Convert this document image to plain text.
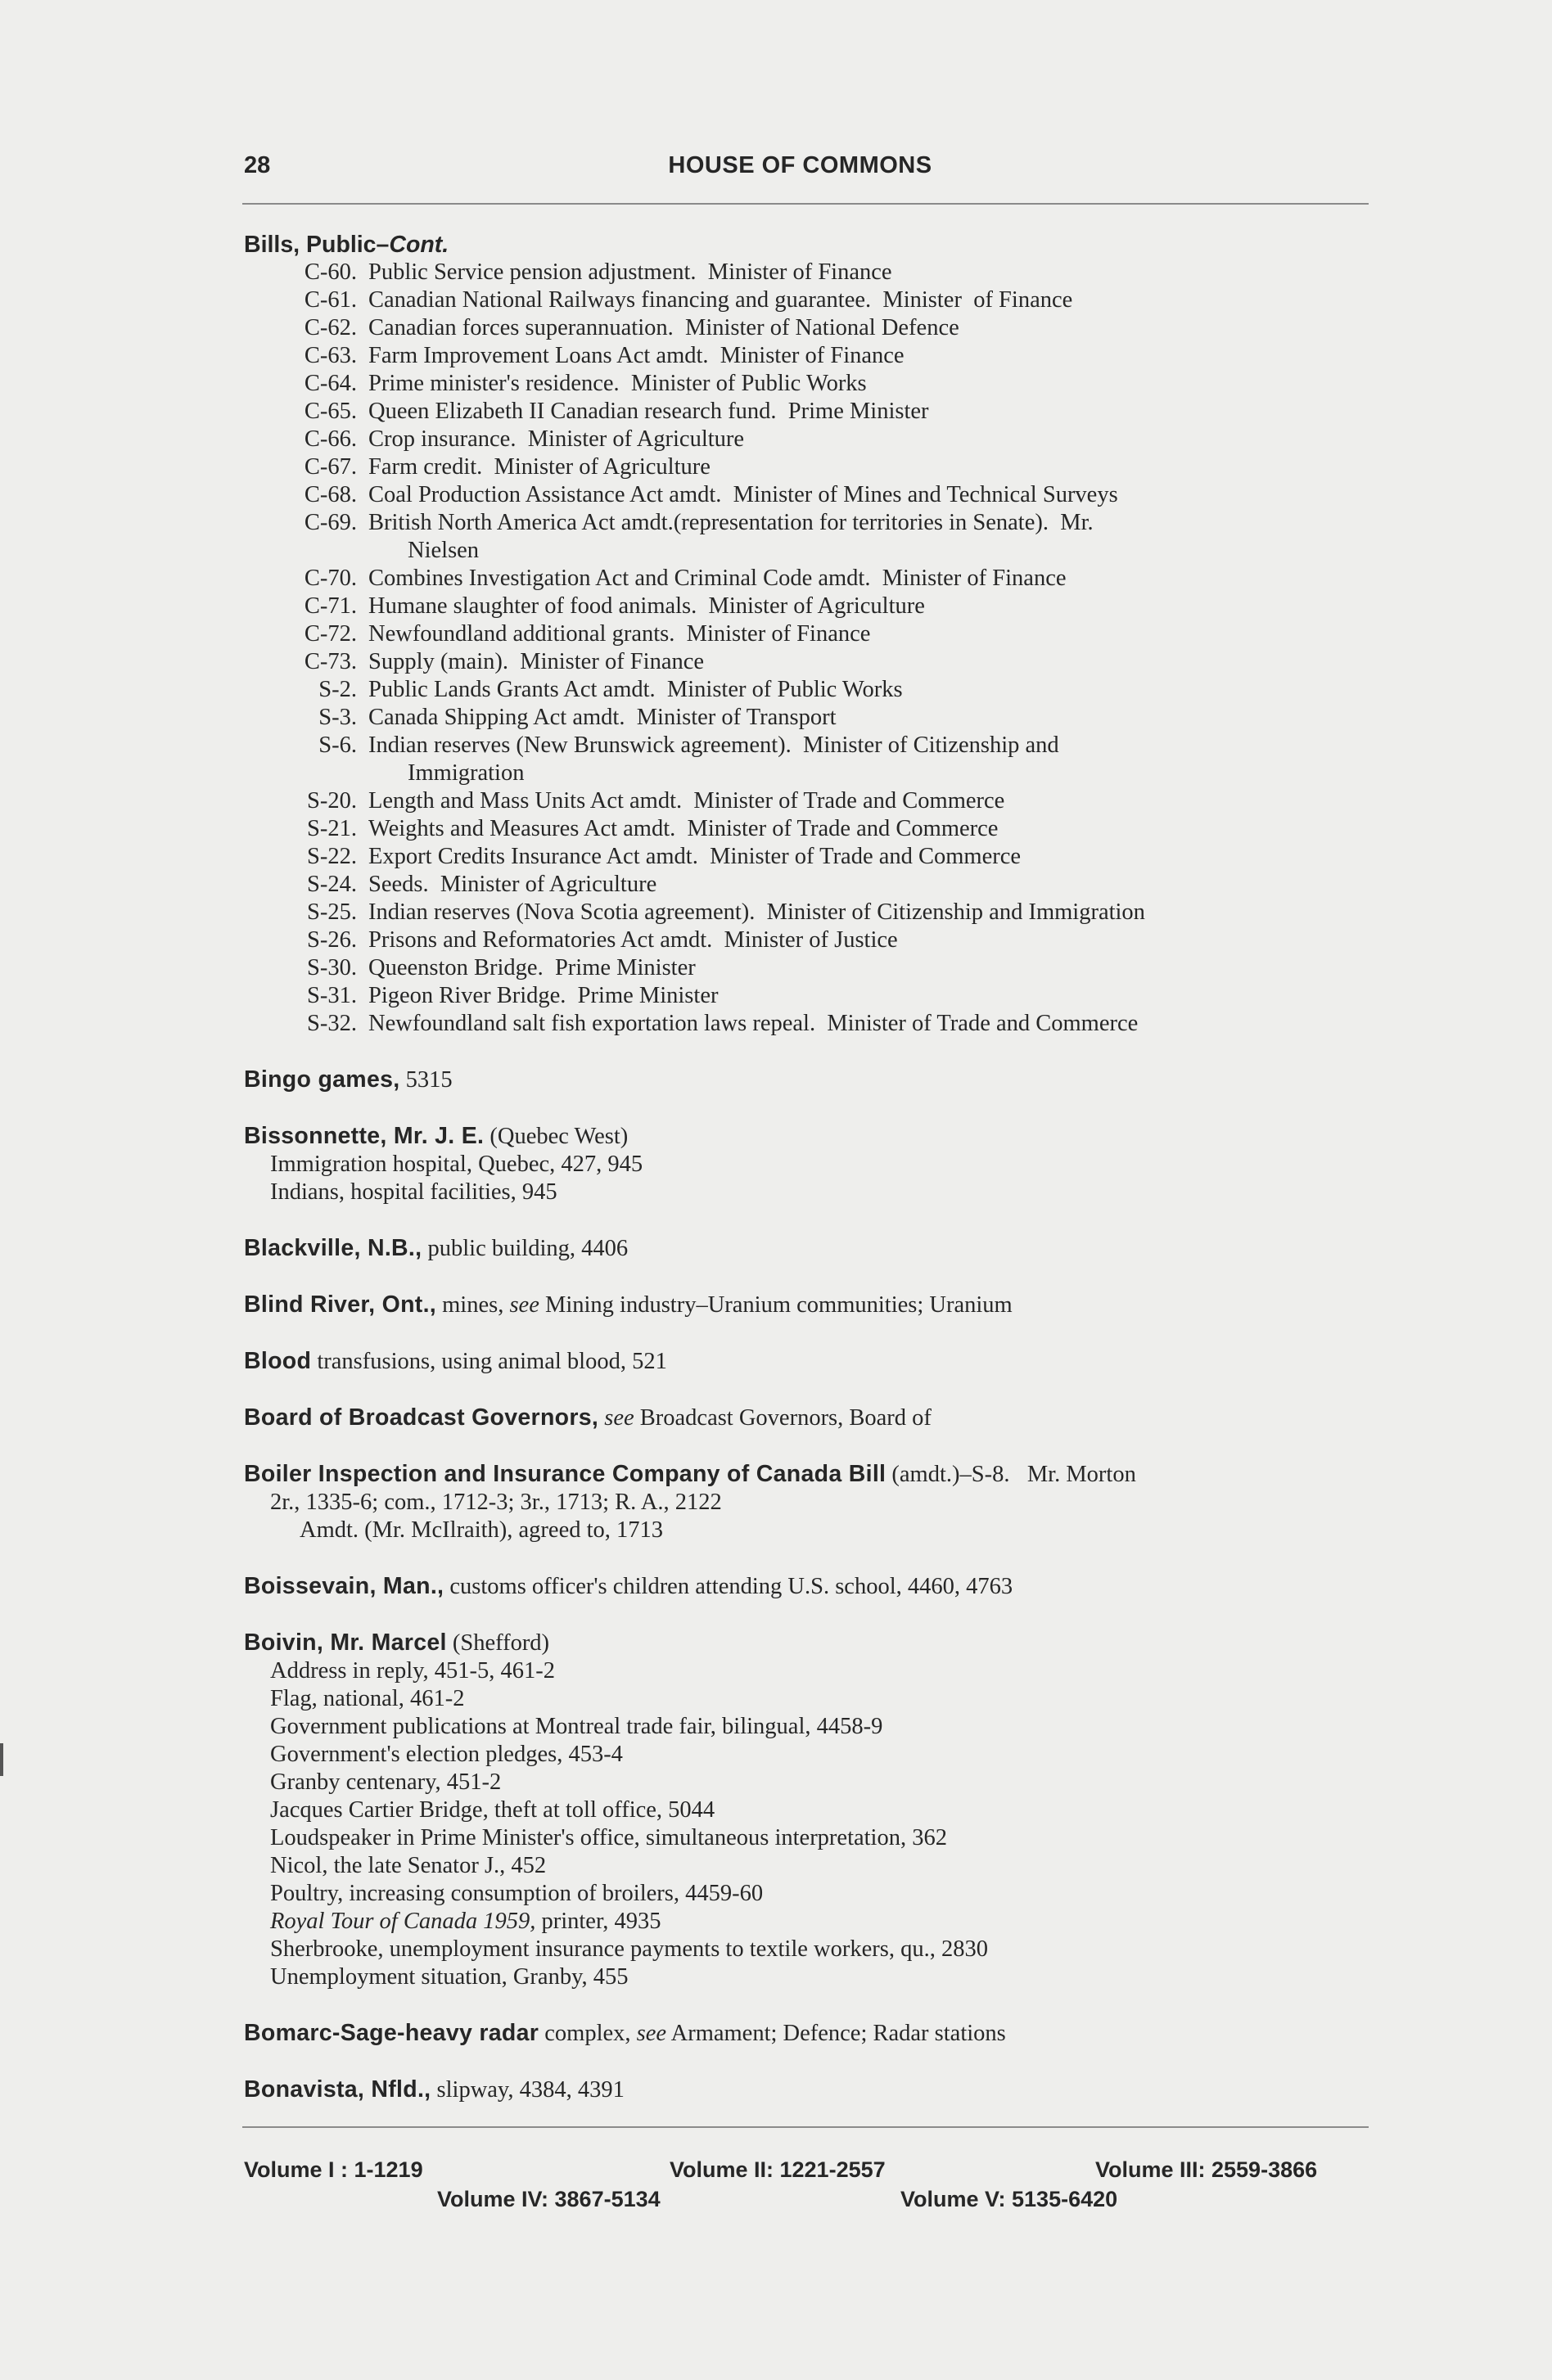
28	HOUSE OF COMMONS
Bills, Public–Cont.
C-60. Public Service pension adjustment.  Minister of Finance
C-61. Canadian National Railways financing and guarantee.  Minister  of Finance
C-62. Canadian forces superannuation.  Minister of National Defence
C-63. Farm Improvement Loans Act amdt.  Minister of Finance
C-64. Prime minister's residence.  Minister of Public Works
C-65. Queen Elizabeth II Canadian research fund.  Prime Minister
C-66. Crop insurance.  Minister of Agriculture
C-67. Farm credit.  Minister of Agriculture
C-68. Coal Production Assistance Act amdt.  Minister of Mines and Technical Surveys
C-69. British North America Act amdt.(representation for territories in Senate).  Mr.
Nielsen
C-70. Combines Investigation Act and Criminal Code amdt.  Minister of Finance
C-71. Humane slaughter of food animals.  Minister of Agriculture
C-72. Newfoundland additional grants.  Minister of Finance
C-73. Supply (main).  Minister of Finance
S-2. Public Lands Grants Act amdt.  Minister of Public Works
S-3. Canada Shipping Act amdt.  Minister of Transport
S-6. Indian reserves (New Brunswick agreement).  Minister of Citizenship and
Immigration
S-20. Length and Mass Units Act amdt.  Minister of Trade and Commerce
S-21. Weights and Measures Act amdt.  Minister of Trade and Commerce
S-22. Export Credits Insurance Act amdt.  Minister of Trade and Commerce
S-24. Seeds.  Minister of Agriculture
S-25. Indian reserves (Nova Scotia agreement).  Minister of Citizenship and Immigration
S-26. Prisons and Reformatories Act amdt.  Minister of Justice
S-30. Queenston Bridge.  Prime Minister
S-31. Pigeon River Bridge.  Prime Minister
S-32. Newfoundland salt fish exportation laws repeal.  Minister of Trade and Commerce
Bingo games, 5315
Bissonnette, Mr. J. E. (Quebec West)
Immigration hospital, Quebec, 427, 945
Indians, hospital facilities, 945
Blackville, N.B., public building, 4406
Blind River, Ont., mines, see Mining industry–Uranium communities; Uranium
Blood transfusions, using animal blood, 521
Board of Broadcast Governors, see Broadcast Governors, Board of
Boiler Inspection and Insurance Company of Canada Bill (amdt.)–S-8.   Mr. Morton
2r., 1335-6; com., 1712-3; 3r., 1713; R. A., 2122
Amdt. (Mr. McIlraith), agreed to, 1713
Boissevain, Man., customs officer's children attending U.S. school, 4460, 4763
Boivin, Mr. Marcel (Shefford)
Address in reply, 451-5, 461-2
Flag, national, 461-2
Government publications at Montreal trade fair, bilingual, 4458-9
Government's election pledges, 453-4
Granby centenary, 451-2
Jacques Cartier Bridge, theft at toll office, 5044
Loudspeaker in Prime Minister's office, simultaneous interpretation, 362
Nicol, the late Senator J., 452
Poultry, increasing consumption of broilers, 4459-60
Royal Tour of Canada 1959, printer, 4935
Sherbrooke, unemployment insurance payments to textile workers, qu., 2830
Unemployment situation, Granby, 455
Bomarc-Sage-heavy radar complex, see Armament; Defence; Radar stations
Bonavista, Nfld., slipway, 4384, 4391
Volume I : 1-1219	Volume II: 1221-2557	Volume III: 2559-3866
Volume IV: 3867-5134	Volume V: 5135-6420
